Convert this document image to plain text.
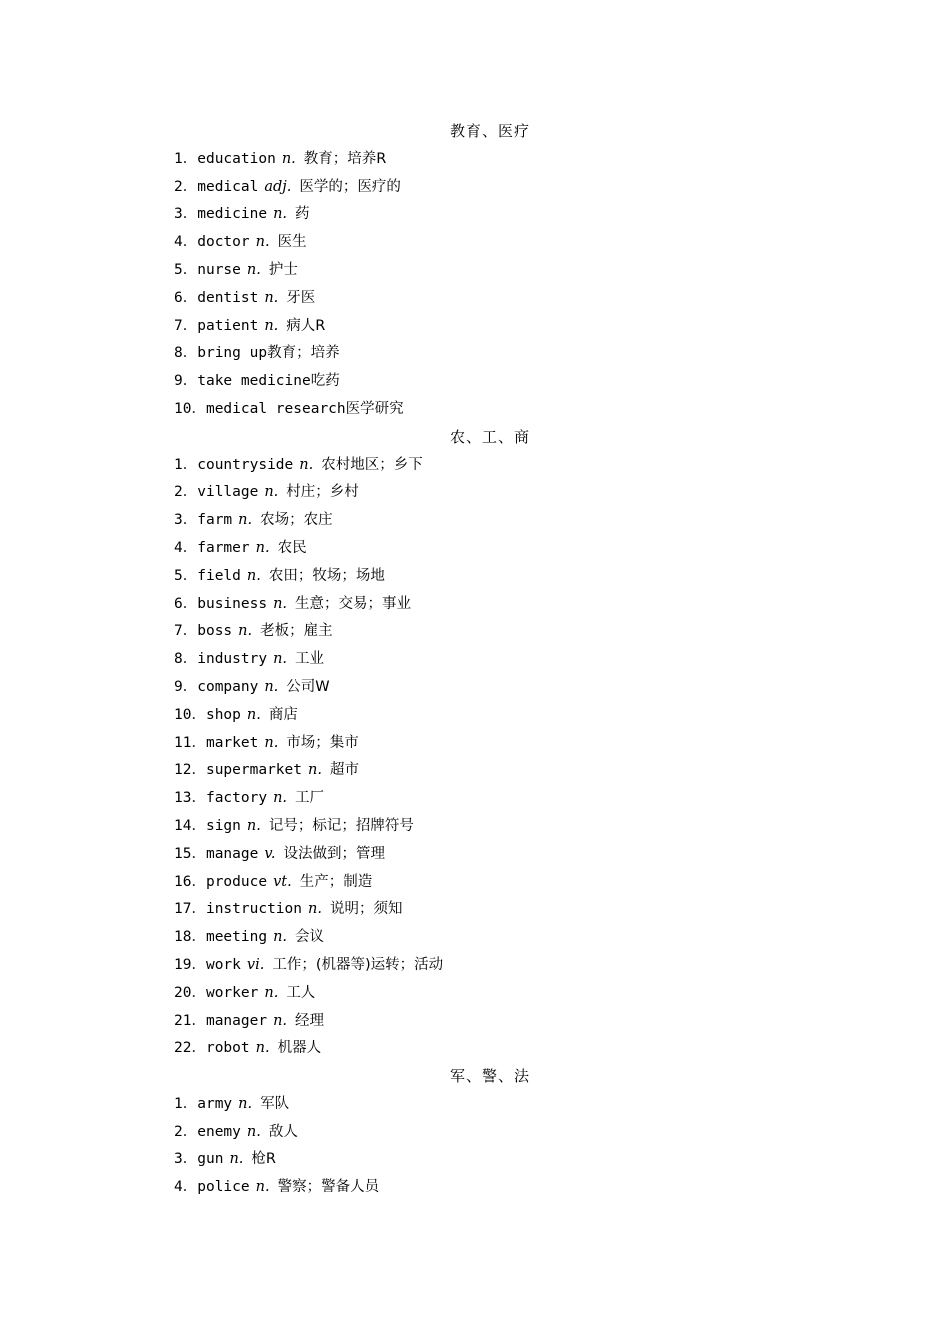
教育、医疗
1．education n. 教育；培养R
2．medical adj. 医学的；医疗的
3．medicine n. 药
4．doctor n. 医生
5．nurse n. 护士
6．dentist n. 牙医
7．patient n. 病人R
8．bring up教育；培养
9．take medicine吃药
10．medical research医学研究
农、工、商
1．countryside n. 农村地区；乡下
2．village n. 村庄；乡村
3．farm n. 农场；农庄
4．farmer n. 农民
5．field n. 农田；牧场；场地
6．business n. 生意；交易；事业
7．boss n. 老板；雇主
8．industry n. 工业
9．company n. 公司W
10．shop n. 商店
11．market n. 市场；集市
12．supermarket n. 超市
13．factory n. 工厂
14．sign n. 记号；标记；招牌符号
15．manage v. 设法做到；管理
16．produce vt. 生产；制造
17．instruction n. 说明；须知
18．meeting n. 会议
19．work vi. 工作；(机器等)运转；活动
20．worker n. 工人
21．manager n. 经理
22．robot n. 机器人
军、警、法
1．army n. 军队
2．enemy n. 敌人
3．gun n. 枪R
4．police n. 警察；警备人员
